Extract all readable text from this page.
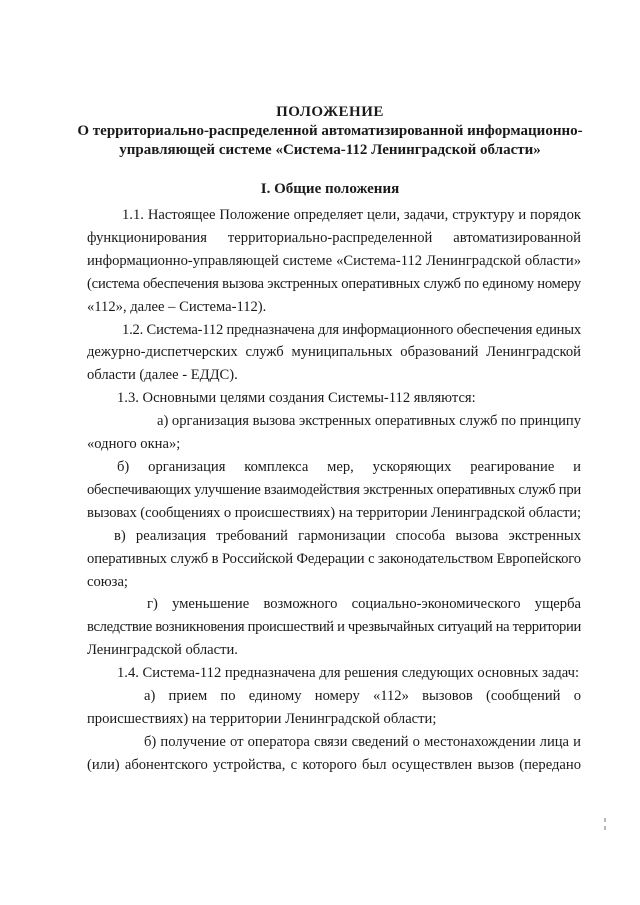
ПОЛОЖЕНИЕ
О территориально-распределенной автоматизированной информационно-
управляющей системе «Система-112 Ленинградской области»
I. Общие положения
1.1. Настоящее Положение определяет цели, задачи, структуру и порядок
функционирования территориально-распределенной автоматизированной
информационно-управляющей системе «Система-112 Ленинградской области»
(система обеспечения вызова экстренных оперативных служб по единому номеру
«112», далее – Система-112).
1.2. Система-112 предназначена для информационного обеспечения единых
дежурно-диспетчерских служб муниципальных образований Ленинградской
области (далее - ЕДДС).
1.3. Основными целями создания Системы-112 являются:
а) организация вызова экстренных оперативных служб по принципу
«одного окна»;
б) организация комплекса мер, ускоряющих реагирование и
обеспечивающих улучшение взаимодействия экстренных оперативных служб при
вызовах (сообщениях о происшествиях) на территории Ленинградской области;
в) реализация требований гармонизации способа вызова экстренных
оперативных служб в Российской Федерации с законодательством Европейского
союза;
г) уменьшение возможного социально-экономического ущерба
вследствие возникновения происшествий и чрезвычайных ситуаций на территории
Ленинградской области.
1.4. Система-112 предназначена для решения следующих основных задач:
а) прием по единому номеру «112» вызовов (сообщений о
происшествиях) на территории Ленинградской области;
б) получение от оператора связи сведений о местонахождении лица и
(или) абонентского устройства, с которого был осуществлен вызов (передано
